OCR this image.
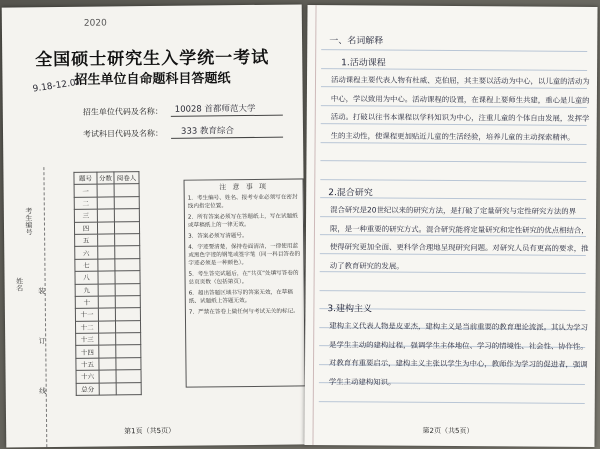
2020
9.18-12.07
全国硕士研究生入学统一考试
招生单位自命题科目答题纸
招生单位代码及名称： 10028 首都师范大学
考试科目代码及名称： 333 教育综合
考生编号
姓名 装
订
线
题号	分数	阅卷人
一		
二		
三		
四		
五		
六		
七		
八		
九		
十		
十一		
十二		
十三		
十四		
十五		
十六		
总分		
注 意 事 项

1．考生编号、姓名、报考专业必须写在密封线内指定位置。

2．所有答案必须写在答题纸上，写在试题纸或草稿纸上的一律无效。

3．答案必须写清题号。

4．字迹要清楚，保持卷面清洁，一律使用蓝或黑色字迹的钢笔或签字笔（同一科目答卷的字迹必须是一种颜色）。

5．考生答完试题后，在“共页”处填写答卷的总页页数（包括第页）。

6．超出答题区域书写的答案无效，在草稿纸、试题纸上答题无效。

7．严禁在答卷上做任何与考试无关的标记。

第1页（共5页）
一、名词解释
1.活动课程
活动课程主要代表人物有杜威、克伯屈，其主要以活动为中心，以儿童的活动为中心，学以致用为中心。活动课程的设置，在课程上要师生共建，重心是儿童的活动。打破以往书本课程以学科知识为中心，注重儿童的个体自由发展，发挥学生的主动性，使课程更加贴近儿童的生活经验，培养儿童的主动探索精神。
2.混合研究
混合研究是20世纪以来的研究方法，是打破了定量研究与定性研究方法的界限，是一种重要的研究方式。混合研究能将定量研究和定性研究的优点相结合，使得研究更加全面、更科学合理地呈现研究问题。对研究人员有更高的要求，推动了教育研究的发展。
3.建构主义
建构主义代表人物是皮亚杰，建构主义是当前重要的教育理论流派。其认为学习是学生主动的建构过程，强调学生主体地位、学习的情境性、社会性、协作性。对教育有重要启示，建构主义主张以学生为中心，教师作为学习的促进者，强调学生主动建构知识。
第2页（共5页）
